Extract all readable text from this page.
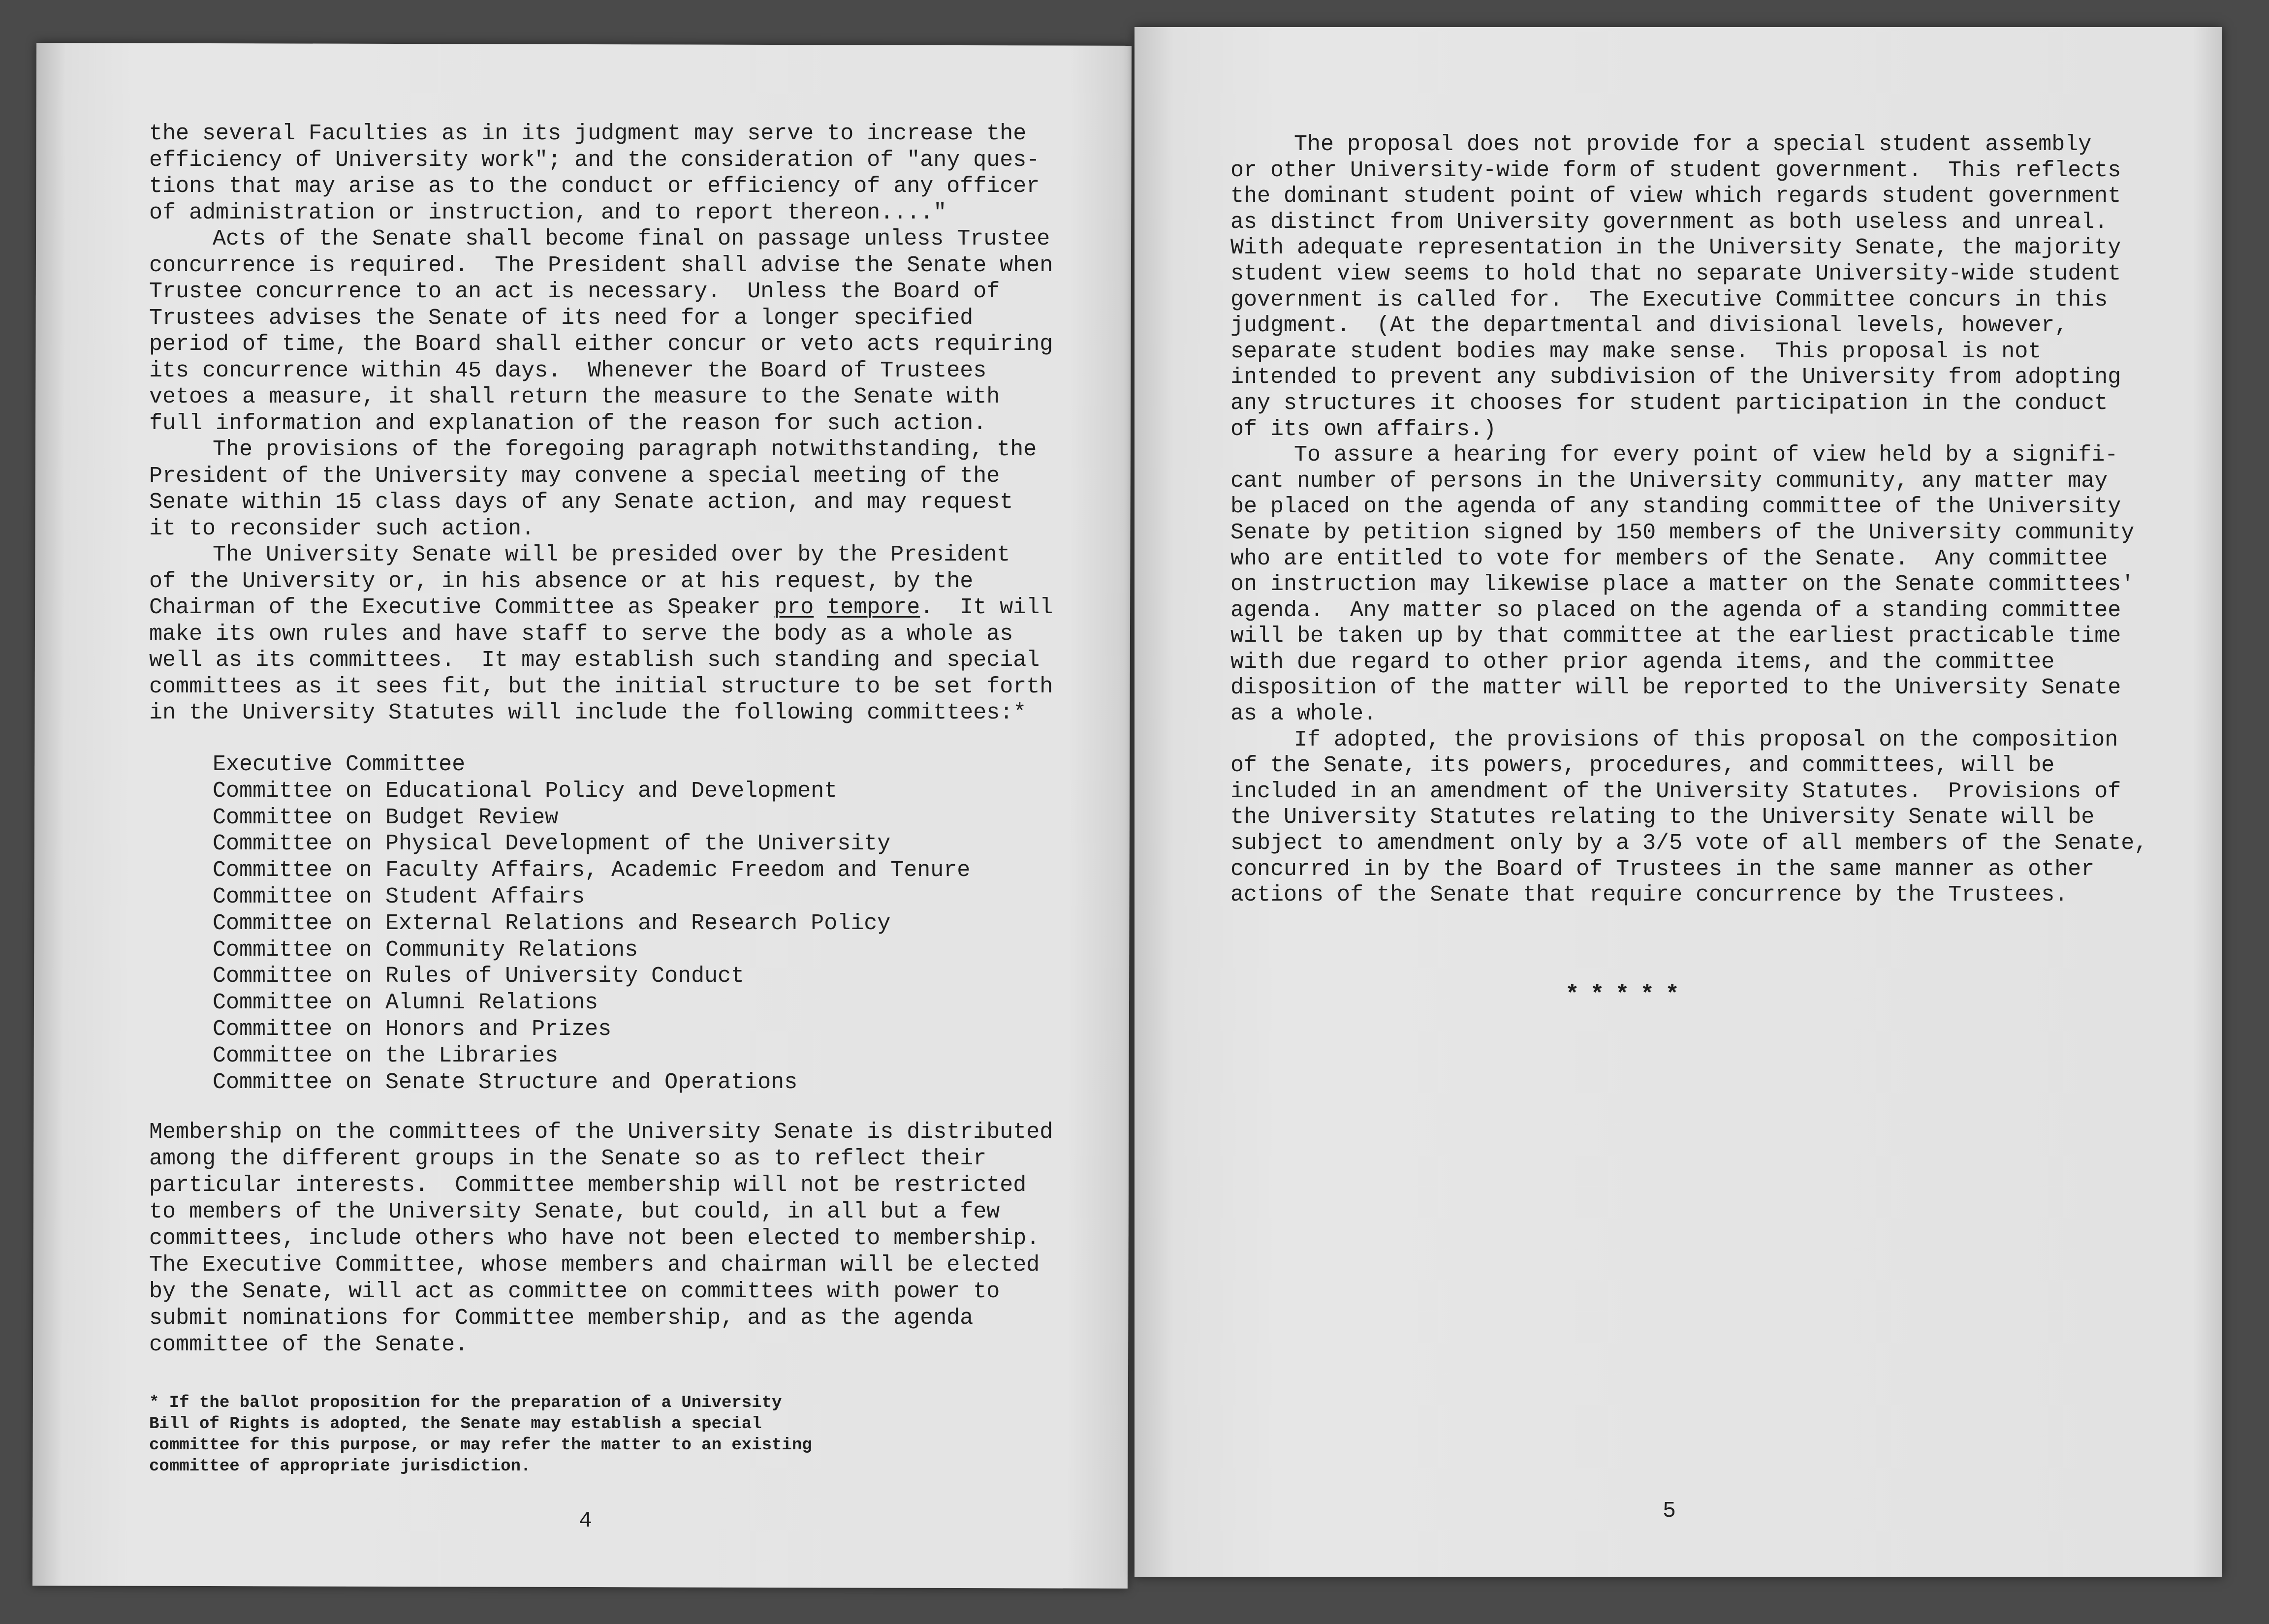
the several Faculties as in its judgment may serve to increase the
efficiency of University work"; and the consideration of "any ques-
tions that may arise as to the conduct or efficiency of any officer
of administration or instruction, and to report thereon...."
Acts of the Senate shall become final on passage unless Trustee
concurrence is required.  The President shall advise the Senate when
Trustee concurrence to an act is necessary.  Unless the Board of
Trustees advises the Senate of its need for a longer specified
period of time, the Board shall either concur or veto acts requiring
its concurrence within 45 days.  Whenever the Board of Trustees
vetoes a measure, it shall return the measure to the Senate with
full information and explanation of the reason for such action.
The provisions of the foregoing paragraph notwithstanding, the
President of the University may convene a special meeting of the
Senate within 15 class days of any Senate action, and may request
it to reconsider such action.
The University Senate will be presided over by the President
of the University or, in his absence or at his request, by the
Chairman of the Executive Committee as Speaker pro tempore.  It will
make its own rules and have staff to serve the body as a whole as
well as its committees.  It may establish such standing and special
committees as it sees fit, but the initial structure to be set forth
in the University Statutes will include the following committees:*
Executive Committee
Committee on Educational Policy and Development
Committee on Budget Review
Committee on Physical Development of the University
Committee on Faculty Affairs, Academic Freedom and Tenure
Committee on Student Affairs
Committee on External Relations and Research Policy
Committee on Community Relations
Committee on Rules of University Conduct
Committee on Alumni Relations
Committee on Honors and Prizes
Committee on the Libraries
Committee on Senate Structure and Operations
Membership on the committees of the University Senate is distributed
among the different groups in the Senate so as to reflect their
particular interests.  Committee membership will not be restricted
to members of the University Senate, but could, in all but a few
committees, include others who have not been elected to membership.
The Executive Committee, whose members and chairman will be elected
by the Senate, will act as committee on committees with power to
submit nominations for Committee membership, and as the agenda
committee of the Senate.
* If the ballot proposition for the preparation of a University
Bill of Rights is adopted, the Senate may establish a special
committee for this purpose, or may refer the matter to an existing
committee of appropriate jurisdiction.
4
The proposal does not provide for a special student assembly
or other University-wide form of student government.  This reflects
the dominant student point of view which regards student government
as distinct from University government as both useless and unreal.
With adequate representation in the University Senate, the majority
student view seems to hold that no separate University-wide student
government is called for.  The Executive Committee concurs in this
judgment.  (At the departmental and divisional levels, however,
separate student bodies may make sense.  This proposal is not
intended to prevent any subdivision of the University from adopting
any structures it chooses for student participation in the conduct
of its own affairs.)
To assure a hearing for every point of view held by a signifi-
cant number of persons in the University community, any matter may
be placed on the agenda of any standing committee of the University
Senate by petition signed by 150 members of the University community
who are entitled to vote for members of the Senate.  Any committee
on instruction may likewise place a matter on the Senate committees'
agenda.  Any matter so placed on the agenda of a standing committee
will be taken up by that committee at the earliest practicable time
with due regard to other prior agenda items, and the committee
disposition of the matter will be reported to the University Senate
as a whole.
If adopted, the provisions of this proposal on the composition
of the Senate, its powers, procedures, and committees, will be
included in an amendment of the University Statutes.  Provisions of
the University Statutes relating to the University Senate will be
subject to amendment only by a 3/5 vote of all members of the Senate,
concurred in by the Board of Trustees in the same manner as other
actions of the Senate that require concurrence by the Trustees.
*****
5
